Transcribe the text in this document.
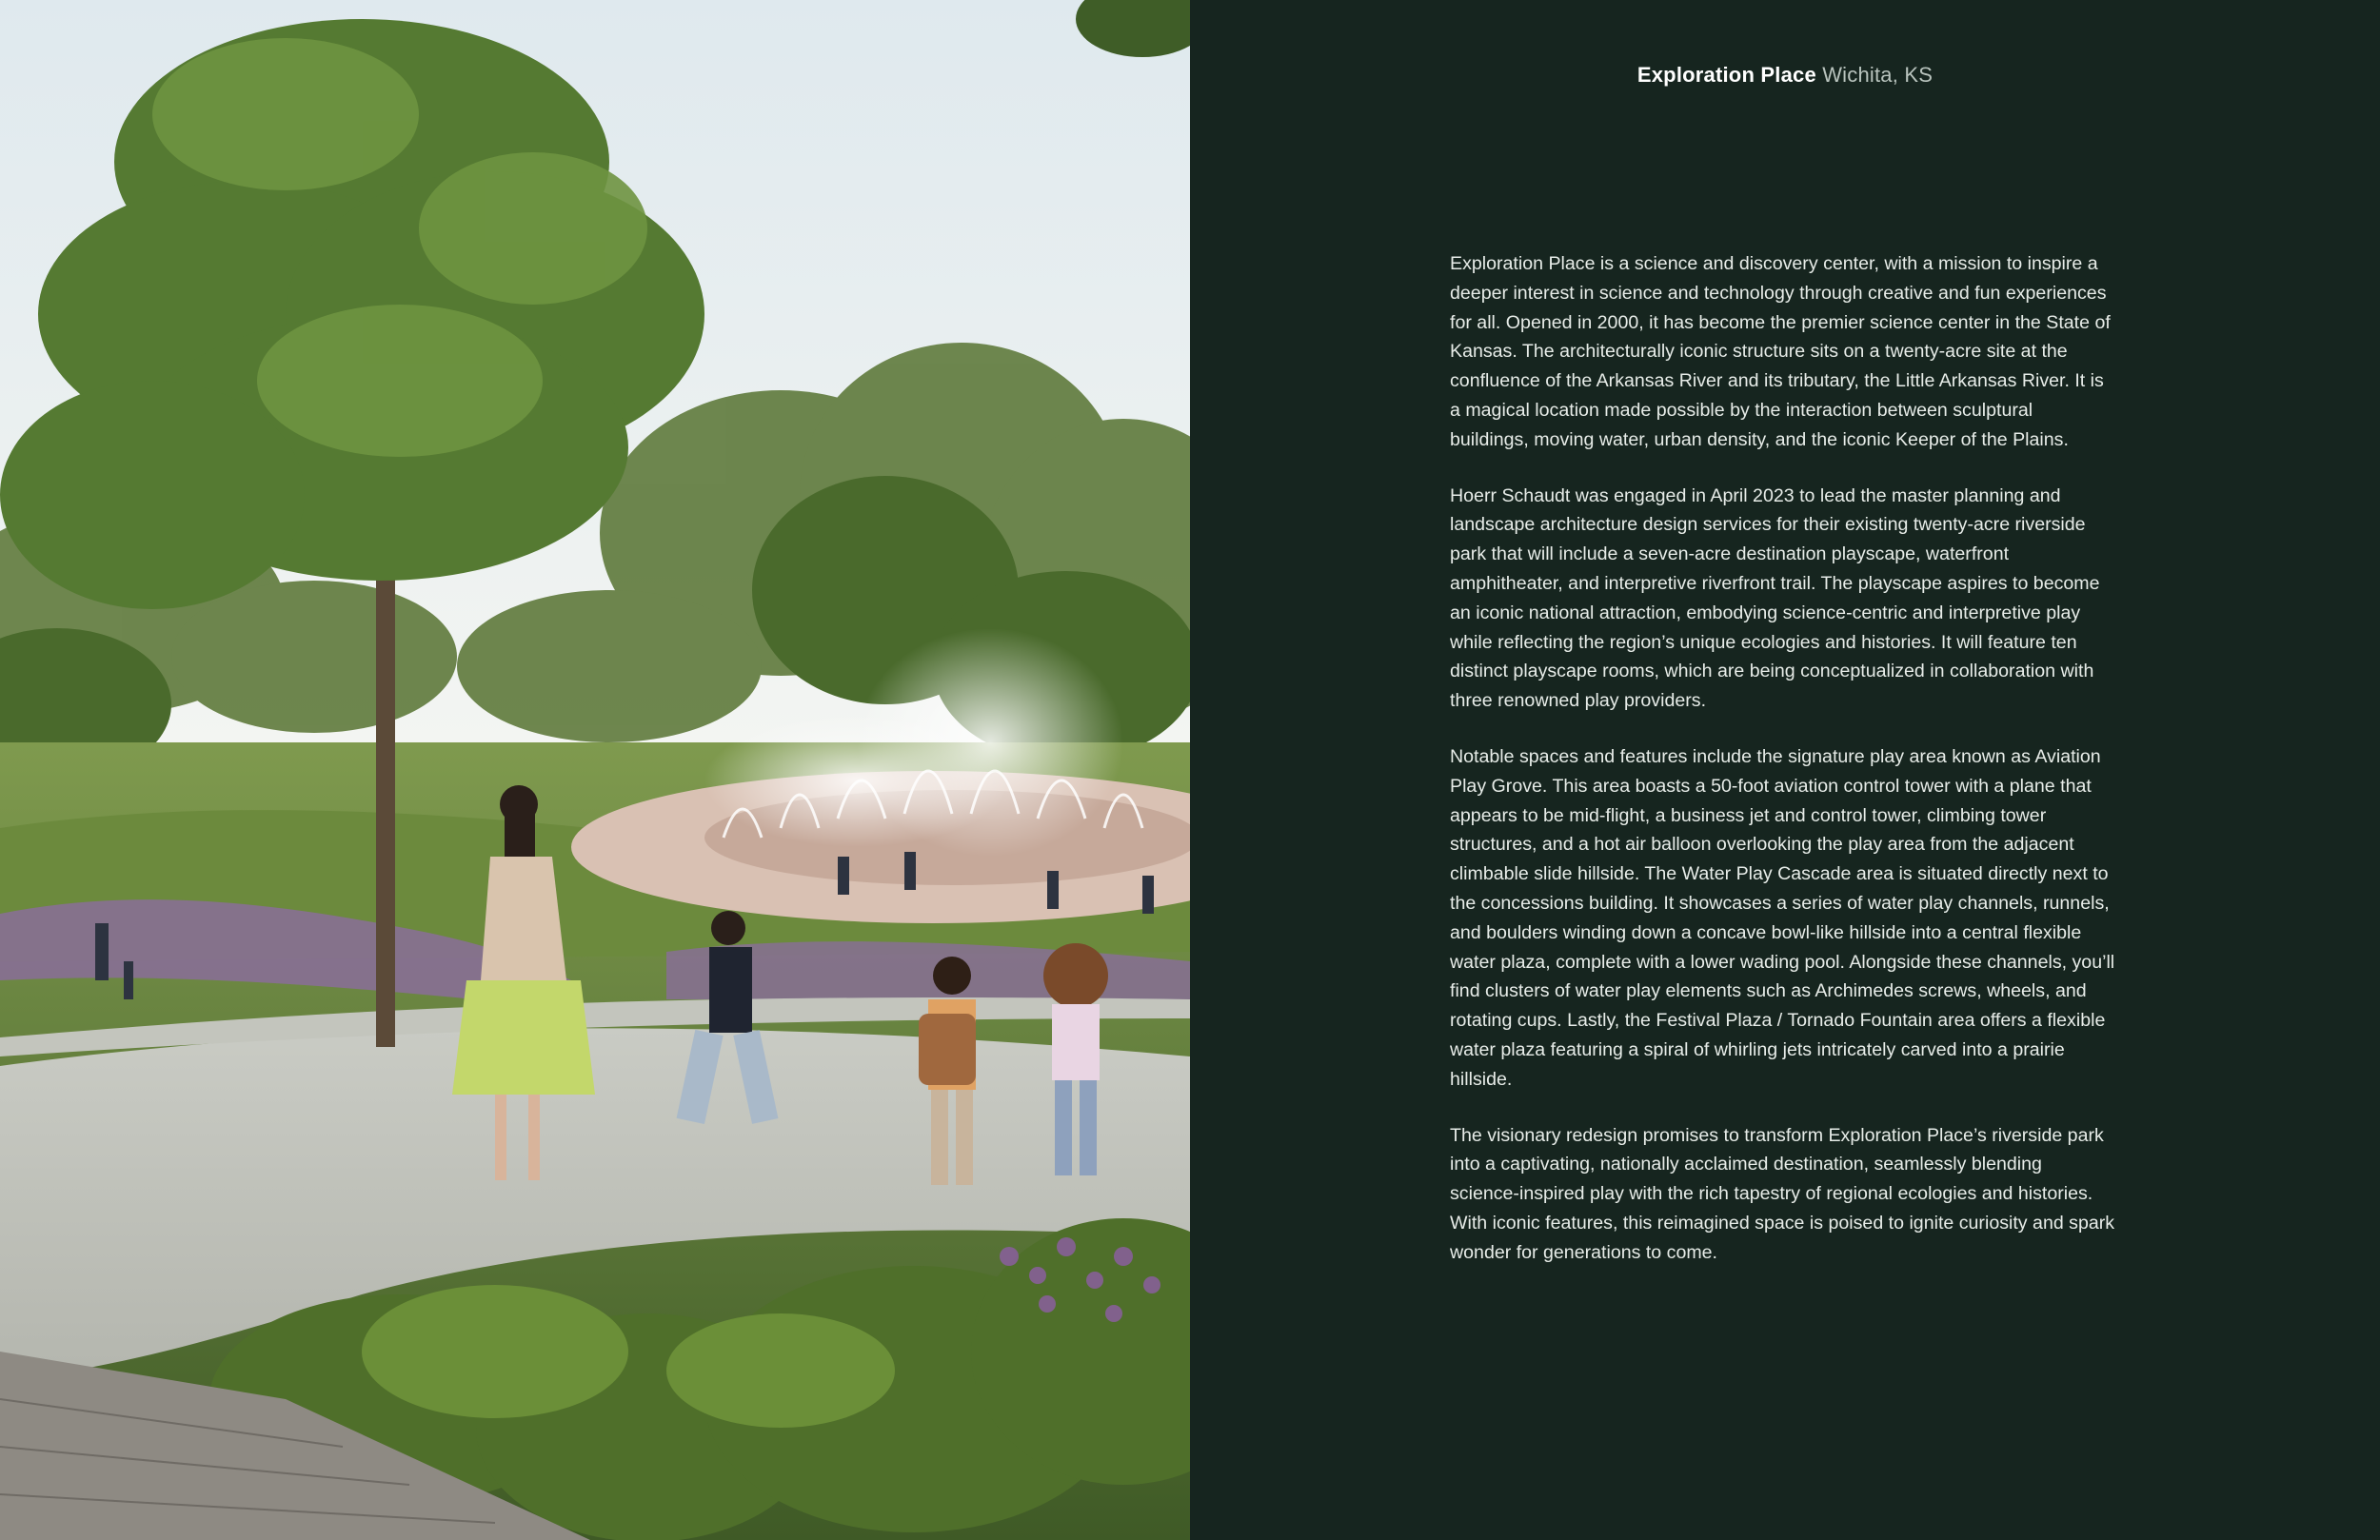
Exploration Place Wichita, KS

Exploration Place is a science and discovery center, with a mission to inspire a deeper interest in science and technology through creative and fun experiences for all. Opened in 2000, it has become the premier science center in the State of Kansas. The architecturally iconic structure sits on a twenty-acre site at the confluence of the Arkansas River and its tributary, the Little Arkansas River. It is a magical location made possible by the interaction between sculptural buildings, moving water, urban density, and the iconic Keeper of the Plains.

Hoerr Schaudt was engaged in April 2023 to lead the master planning and landscape architecture design services for their existing twenty-acre riverside park that will include a seven-acre destination playscape, waterfront amphitheater, and interpretive riverfront trail. The playscape aspires to become an iconic national attraction, embodying science-centric and interpretive play while reflecting the region’s unique ecologies and histories. It will feature ten distinct playscape rooms, which are being conceptualized in collaboration with three renowned play providers.

Notable spaces and features include the signature play area known as Aviation Play Grove. This area boasts a 50-foot aviation control tower with a plane that appears to be mid-flight, a business jet and control tower, climbing tower structures, and a hot air balloon overlooking the play area from the adjacent climbable slide hillside. The Water Play Cascade area is situated directly next to the concessions building. It showcases a series of water play channels, runnels, and boulders winding down a concave bowl-like hillside into a central flexible water plaza, complete with a lower wading pool. Alongside these channels, you’ll find clusters of water play elements such as Archimedes screws, wheels, and rotating cups. Lastly, the Festival Plaza / Tornado Fountain area offers a flexible water plaza featuring a spiral of whirling jets intricately carved into a prairie hillside.

The visionary redesign promises to transform Exploration Place’s riverside park into a captivating, nationally acclaimed destination, seamlessly blending science-inspired play with the rich tapestry of regional ecologies and histories. With iconic features, this reimagined space is poised to ignite curiosity and spark wonder for generations to come.
